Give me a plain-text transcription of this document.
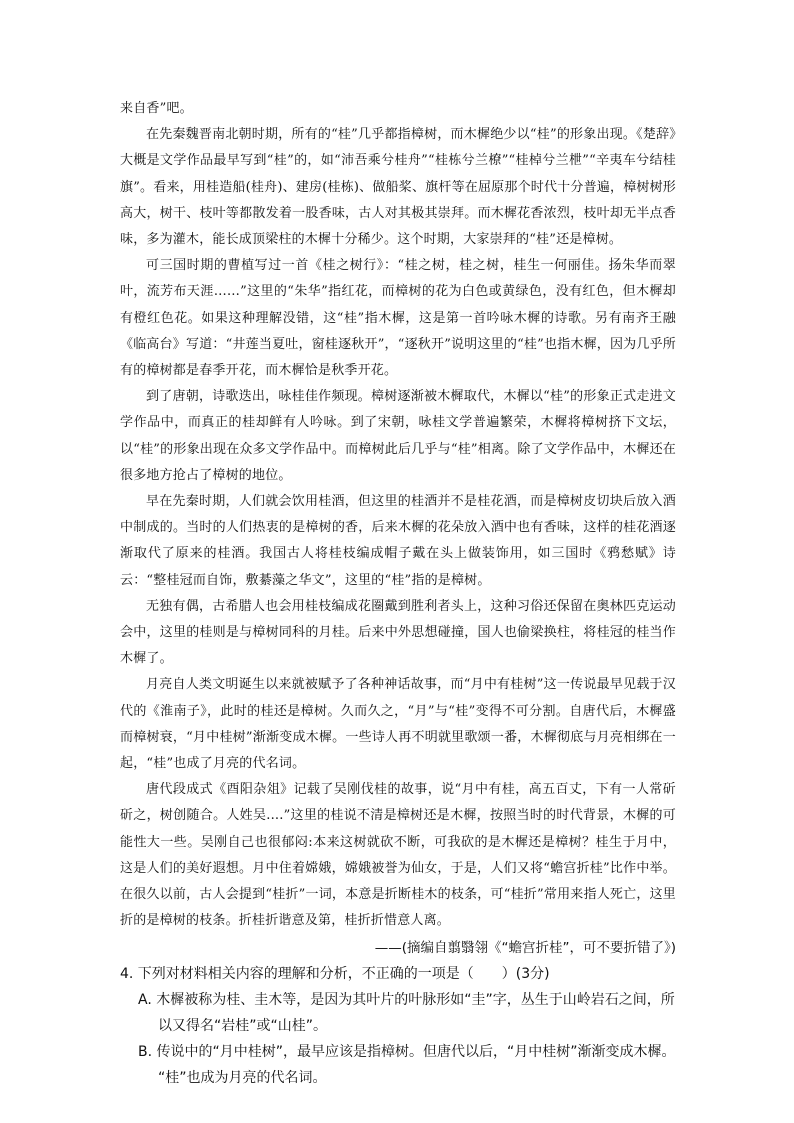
来自香”吧。

在先秦魏晋南北朝时期，所有的“桂”几乎都指樟树，而木樨绝少以“桂”的形象出现。《楚辞》大概是文学作品最早写到“桂”的，如“沛吾乘兮桂舟”“桂栋兮兰橑”“桂棹兮兰枻”“辛夷车兮结桂旗”。看来，用桂造船(桂舟)、建房(桂栋)、做船桨、旗杆等在屈原那个时代十分普遍，樟树树形高大，树干、枝叶等都散发着一股香味，古人对其极其崇拜。而木樨花香浓烈，枝叶却无半点香味，多为灌木，能长成顶梁柱的木樨十分稀少。这个时期，大家崇拜的“桂”还是樟树。

可三国时期的曹植写过一首《桂之树行》：“桂之树，桂之树，桂生一何丽佳。扬朱华而翠叶，流芳布天涯……”这里的“朱华”指红花，而樟树的花为白色或黄绿色，没有红色，但木樨却有橙红色花。如果这种理解没错，这“桂”指木樨，这是第一首吟咏木樨的诗歌。另有南齐王融《临高台》写道：“井莲当夏吐，窗桂逐秋开”，“逐秋开”说明这里的“桂”也指木樨，因为几乎所有的樟树都是春季开花，而木樨恰是秋季开花。

到了唐朝，诗歌迭出，咏桂佳作频现。樟树逐渐被木樨取代，木樨以“桂”的形象正式走进文学作品中，而真正的桂却鲜有人吟咏。到了宋朝，咏桂文学普遍繁荣，木樨将樟树挤下文坛，以“桂”的形象出现在众多文学作品中。而樟树此后几乎与“桂”相离。除了文学作品中，木樨还在很多地方抢占了樟树的地位。

早在先秦时期，人们就会饮用桂酒，但这里的桂酒并不是桂花酒，而是樟树皮切块后放入酒中制成的。当时的人们热衷的是樟树的香，后来木樨的花朵放入酒中也有香味，这样的桂花酒逐渐取代了原来的桂酒。我国古人将桂枝编成帽子戴在头上做装饰用，如三国时《鸦愁赋》诗云：“整桂冠而自饰，敷綦藻之华文”，这里的“桂”指的是樟树。

无独有偶，古希腊人也会用桂枝编成花圈戴到胜利者头上，这种习俗还保留在奥林匹克运动会中，这里的桂则是与樟树同科的月桂。后来中外思想碰撞，国人也偷梁换柱，将桂冠的桂当作木樨了。

月亮自人类文明诞生以来就被赋予了各种神话故事，而“月中有桂树”这一传说最早见载于汉代的《淮南子》，此时的桂还是樟树。久而久之，“月”与“桂”变得不可分割。自唐代后，木樨盛而樟树衰，“月中桂树”渐渐变成木樨。一些诗人再不明就里歌颂一番，木樨彻底与月亮相绑在一起，“桂”也成了月亮的代名词。

唐代段成式《酉阳杂俎》记载了吴刚伐桂的故事，说“月中有桂，高五百丈，下有一人常斫斫之，树创随合。人姓吴....”这里的桂说不清是樟树还是木樨，按照当时的时代背景，木樨的可能性大一些。吴刚自己也很郁闷:本来这树就砍不断，可我砍的是木樨还是樟树？桂生于月中，这是人们的美好遐想。月中住着嫦娥，嫦娥被誉为仙女，于是，人们又将“蟾宫折桂”比作中举。在很久以前，古人会提到“桂折”一词，本意是折断桂木的枝条，可“桂折”常用来指人死亡，这里折的是樟树的枝条。折桂折谐意及第，桂折折惜意人离。

——(摘编自翦翳翎《“蟾宫折桂”，可不要折错了》)

4. 下列对材料相关内容的理解和分析，不正确的一项是（　　）(3分)

A. 木樨被称为桂、圭木等，是因为其叶片的叶脉形如“圭”字，丛生于山岭岩石之间，所
以又得名“岩桂”或“山桂”。
B. 传说中的“月中桂树”，最早应该是指樟树。但唐代以后，“月中桂树”渐渐变成木樨。
“桂”也成为月亮的代名词。
